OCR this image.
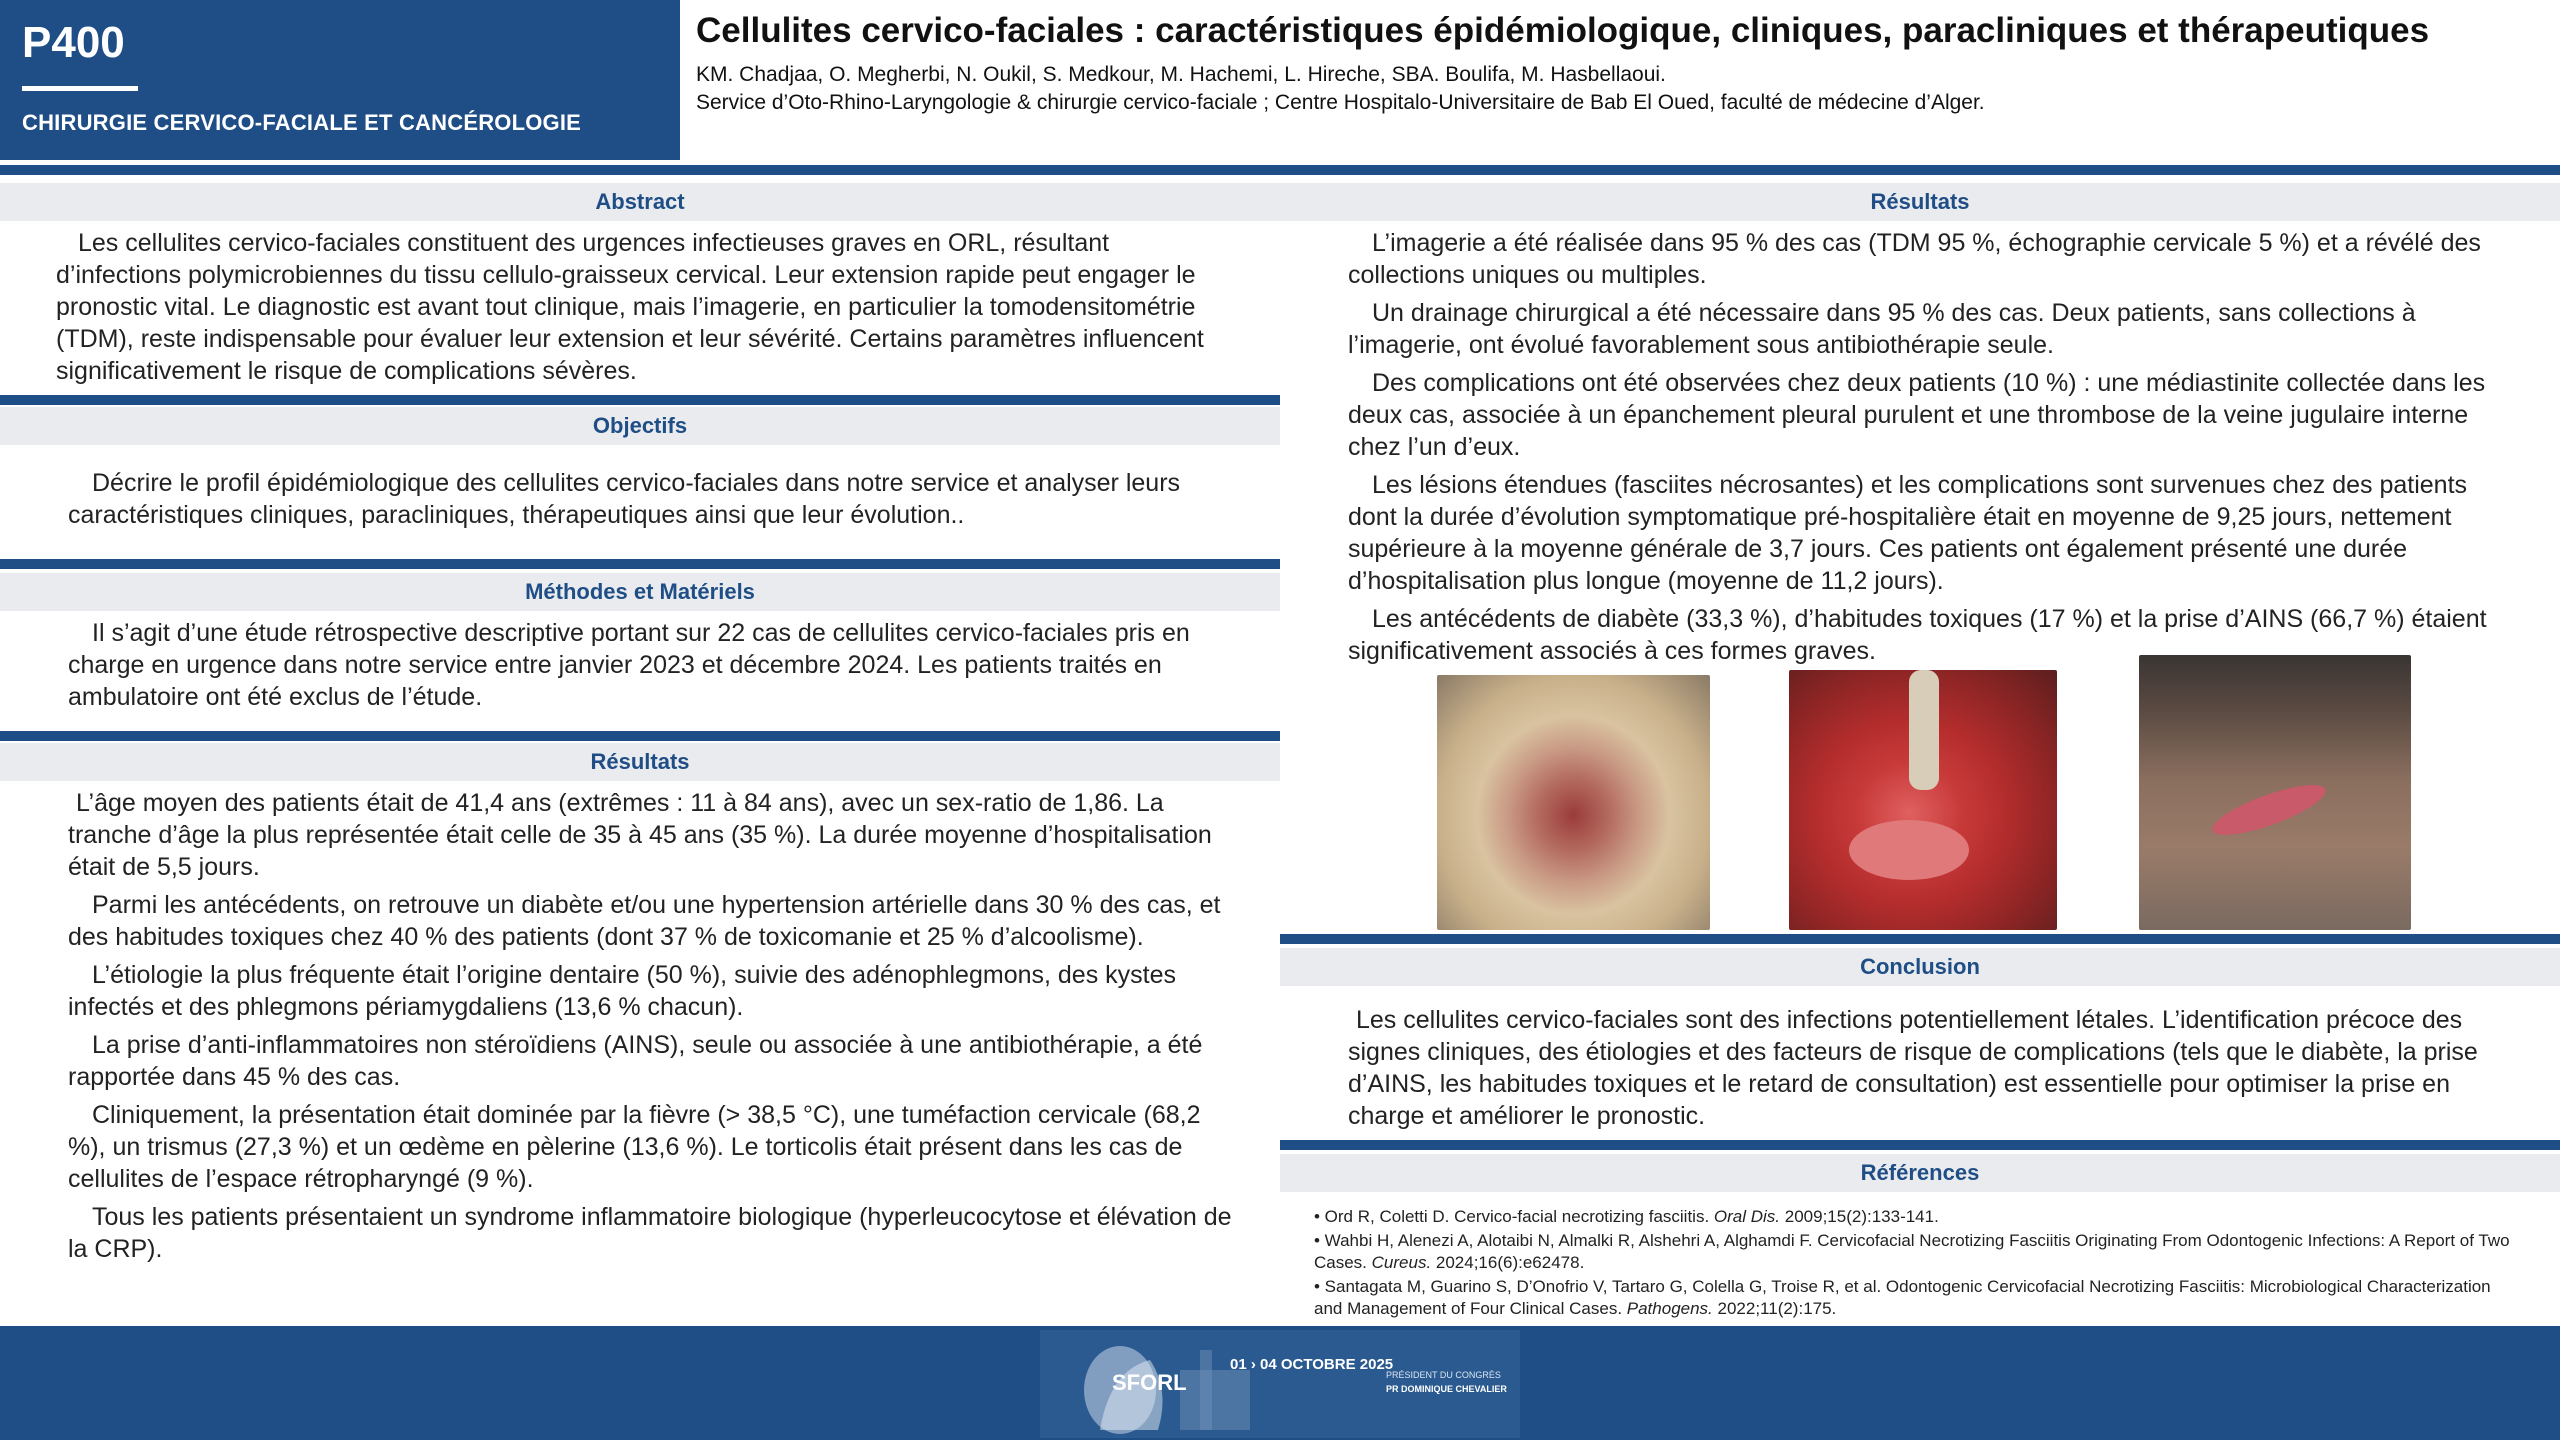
P400
CHIRURGIE CERVICO-FACIALE ET CANCÉROLOGIE
Cellulites cervico-faciales : caractéristiques épidémiologique, cliniques, paracliniques et thérapeutiques
KM. Chadjaa, O. Megherbi, N. Oukil, S. Medkour, M. Hachemi, L. Hireche, SBA. Boulifa, M. Hasbellaoui.
Service d’Oto-Rhino-Laryngologie & chirurgie cervico-faciale ; Centre Hospitalo-Universitaire de Bab El Oued, faculté de médecine d’Alger.
Abstract

Les cellulites cervico-faciales constituent des urgences infectieuses graves en ORL, résultant d’infections polymicrobiennes du tissu cellulo-graisseux cervical. Leur extension rapide peut engager le pronostic vital. Le diagnostic est avant tout clinique, mais l’imagerie, en particulier la tomodensitométrie (TDM), reste indispensable pour évaluer leur extension et leur sévérité. Certains paramètres influencent significativement le risque de complications sévères.

Objectifs

Décrire le profil épidémiologique des cellulites cervico-faciales dans notre service et analyser leurs caractéristiques cliniques, paracliniques, thérapeutiques ainsi que leur évolution..

Méthodes et Matériels

Il s’agit d’une étude rétrospective descriptive portant sur 22 cas de cellulites cervico-faciales pris en charge en urgence dans notre service entre janvier 2023 et décembre 2024. Les patients traités en ambulatoire ont été exclus de l’étude.

Résultats

L’âge moyen des patients était de 41,4 ans (extrêmes : 11 à 84 ans), avec un sex-ratio de 1,86. La tranche d’âge la plus représentée était celle de 35 à 45 ans (35 %). La durée moyenne d’hospitalisation était de 5,5 jours.

Parmi les antécédents, on retrouve un diabète et/ou une hypertension artérielle dans 30 % des cas, et des habitudes toxiques chez 40 % des patients (dont 37 % de toxicomanie et 25 % d’alcoolisme).

L’étiologie la plus fréquente était l’origine dentaire (50 %), suivie des adénophlegmons, des kystes infectés et des phlegmons périamygdaliens (13,6 % chacun).

La prise d’anti-inflammatoires non stéroïdiens (AINS), seule ou associée à une antibiothérapie, a été rapportée dans 45 % des cas.

Cliniquement, la présentation était dominée par la fièvre (> 38,5 °C), une tuméfaction cervicale (68,2 %), un trismus (27,3 %) et un œdème en pèlerine (13,6 %). Le torticolis était présent dans les cas de cellulites de l’espace rétropharyngé (9 %).

Tous les patients présentaient un syndrome inflammatoire biologique (hyperleucocytose et élévation de la CRP).

Résultats

L’imagerie a été réalisée dans 95 % des cas (TDM 95 %, échographie cervicale 5 %) et a révélé des collections uniques ou multiples.

Un drainage chirurgical a été nécessaire dans 95 % des cas. Deux patients, sans collections à l’imagerie, ont évolué favorablement sous antibiothérapie seule.

Des complications ont été observées chez deux patients (10 %) : une médiastinite collectée dans les deux cas, associée à un épanchement pleural purulent et une thrombose de la veine jugulaire interne chez l’un d’eux.

Les lésions étendues (fasciites nécrosantes) et les complications sont survenues chez des patients dont la durée d’évolution symptomatique pré-hospitalière était en moyenne de 9,25 jours, nettement supérieure à la moyenne générale de 3,7 jours. Ces patients ont également présenté une durée d’hospitalisation plus longue (moyenne de 11,2 jours).

Les antécédents de diabète (33,3 %), d’habitudes toxiques (17 %) et la prise d’AINS (66,7 %) étaient significativement associés à ces formes graves.

Conclusion

Les cellulites cervico-faciales sont des infections potentiellement létales. L’identification précoce des signes cliniques, des étiologies et des facteurs de risque de complications (tels que le diabète, la prise d’AINS, les habitudes toxiques et le retard de consultation) est essentielle pour optimiser la prise en charge et améliorer le pronostic.

Références

• Ord R, Coletti D. Cervico-facial necrotizing fasciitis. Oral Dis. 2009;15(2):133-141.

• Wahbi H, Alenezi A, Alotaibi N, Almalki R, Alshehri A, Alghamdi F. Cervicofacial Necrotizing Fasciitis Originating From Odontogenic Infections: A Report of Two Cases. Cureus. 2024;16(6):e62478.

• Santagata M, Guarino S, D’Onofrio V, Tartaro G, Colella G, Troise R, et al. Odontogenic Cervicofacial Necrotizing Fasciitis: Microbiological Characterization and Management of Four Clinical Cases. Pathogens. 2022;11(2):175.

SFORL
01 › 04 OCTOBRE 2025
PRÉSIDENT DU CONGRÈS
PR DOMINIQUE CHEVALIER
